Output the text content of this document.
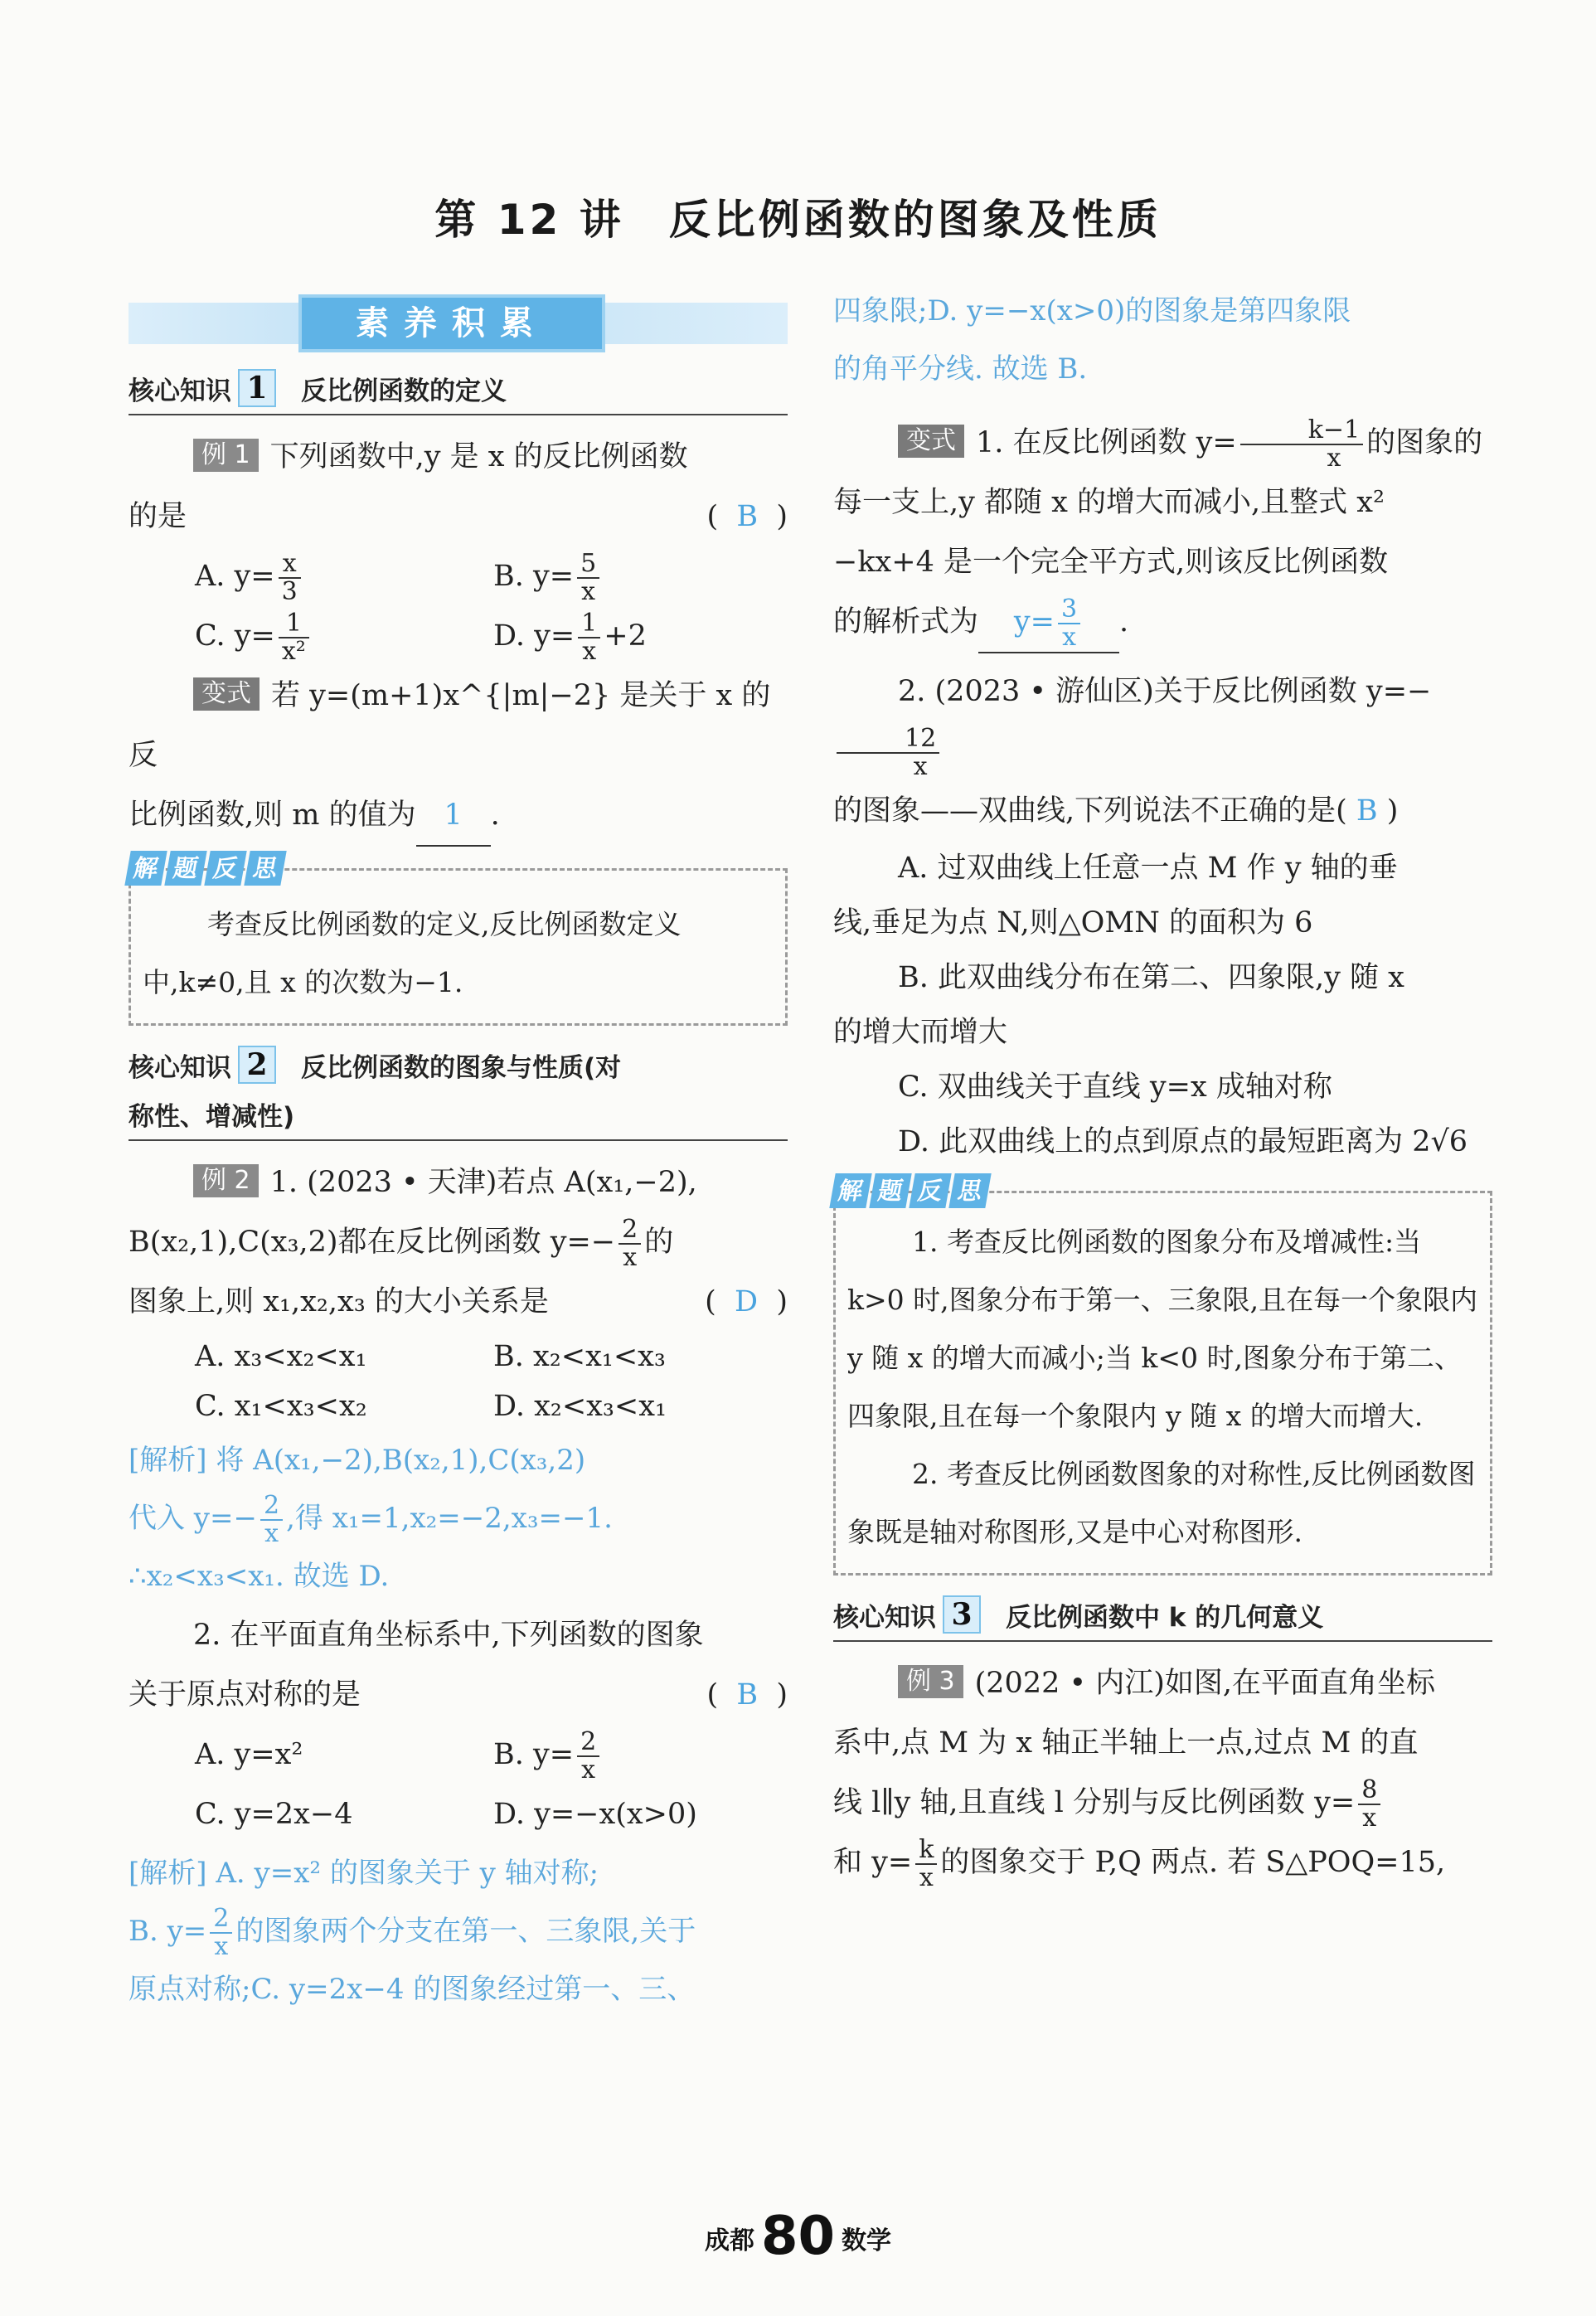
第 12 讲　反比例函数的图象及性质
素养积累
核心知识 1	反比例函数的定义
例 1 下列函数中,y 是 x 的反比例函数
的是	(  B  )
A. $y= \frac{x}{3}$	B. $y= \frac{5}{x}$
C. $y= \frac{1}{\text{x²}}$	D. $y= \frac{1}{x} +2$
变式 若 y=(m+1)x^{|m|−2} 是关于 x 的反
比例函数,则 m 的值为 1 .
解 题 反 思
考查反比例函数的定义,反比例函数定义中,k≠0,且 x 的次数为−1.
核心知识 2	反比例函数的图象与性质(对
称性、增减性)
例 2 1. (2023 • 天津)若点 A(x₁,−2),
B(x₂,1),C(x₃,2)都在反比例函数 $y=- \frac{2}{x}$ 的
图象上,则 x₁,x₂,x₃ 的大小关系是	(  D  )
A. x₃<x₂<x₁	B. x₂<x₁<x₃
C. x₁<x₃<x₂	D. x₂<x₃<x₁
[解析] 将 A(x₁,−2),B(x₂,1),C(x₃,2)
代入 $y=- \frac{2}{x}$ ,得 x₁=1,x₂=−2,x₃=−1.
∴x₂<x₃<x₁. 故选 D.
2. 在平面直角坐标系中,下列函数的图象
关于原点对称的是	(  B  )
A. y=x²	B. $y= \frac{2}{x}$
C. y=2x−4	D. y=−x(x>0)
[解析] A. y=x² 的图象关于 y 轴对称;
B. $y= \frac{2}{x}$ 的图象两个分支在第一、三象限,关于
原点对称;C. y=2x−4 的图象经过第一、三、
四象限;D. y=−x(x>0)的图象是第四象限
的角平分线. 故选 B.
变式 1. 在反比例函数 $y= \frac{k-1}{x}$ 的图象的
每一支上,y 都随 x 的增大而减小,且整式 x²
−kx+4 是一个完全平方式,则该反比例函数
的解析式为 $y= \frac{3}{x}$ .
2. (2023 • 游仙区)关于反比例函数 y=−
$\frac{12}{x}$
的图象——双曲线,下列说法不正确的是( B )
A. 过双曲线上任意一点 M 作 y 轴的垂
线,垂足为点 N,则△OMN 的面积为 6
B. 此双曲线分布在第二、四象限,y 随 x
的增大而增大
C. 双曲线关于直线 y=x 成轴对称
D. 此双曲线上的点到原点的最短距离为 2√6
解 题 反 思
1. 考查反比例函数的图象分布及增减性:当 k>0 时,图象分布于第一、三象限,且在每一个象限内 y 随 x 的增大而减小;当 k<0 时,图象分布于第二、四象限,且在每一个象限内 y 随 x 的增大而增大.
2. 考查反比例函数图象的对称性,反比例函数图象既是轴对称图形,又是中心对称图形.
核心知识 3	反比例函数中 k 的几何意义
例 3 (2022 • 内江)如图,在平面直角坐标
系中,点 M 为 x 轴正半轴上一点,过点 M 的直
线 l∥y 轴,且直线 l 分别与反比例函数 $y= \frac{8}{x}$
和 $y= \frac{k}{x}$ 的图象交于 P,Q 两点. 若 S△POQ=15,
成都 80 数学
